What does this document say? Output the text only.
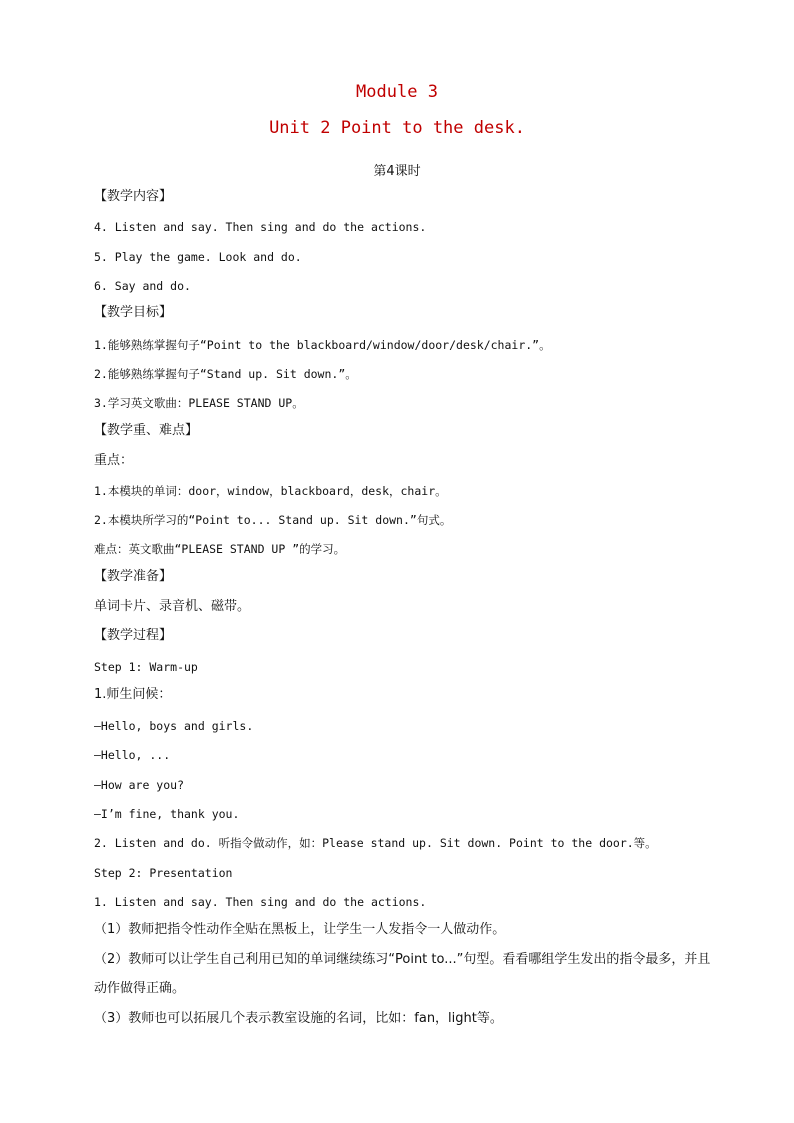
Module 3
Unit 2 Point to the desk.
第4课时
【教学内容】
4. Listen and say. Then sing and do the actions.
5. Play the game. Look and do.
6. Say and do.
【教学目标】
1.能够熟练掌握句子“Point to the blackboard/window/door/desk/chair.”。
2.能够熟练掌握句子“Stand up. Sit down.”。
3.学习英文歌曲：PLEASE STAND UP。
【教学重、难点】
重点：
1.本模块的单词：door，window，blackboard，desk，chair。
2.本模块所学习的“Point to... Stand up. Sit down.”句式。
难点：英文歌曲“PLEASE STAND UP ”的学习。
【教学准备】
单词卡片、录音机、磁带。
【教学过程】
Step 1: Warm-up
1.师生问候：
—Hello, boys and girls.
—Hello, ...
—How are you?
—I’m fine, thank you.
2. Listen and do. 听指令做动作，如：Please stand up. Sit down. Point to the door.等。
Step 2: Presentation
1. Listen and say. Then sing and do the actions.
（1）教师把指令性动作全贴在黑板上，让学生一人发指令一人做动作。
（2）教师可以让学生自己利用已知的单词继续练习“Point to...”句型。看看哪组学生发出的指令最多，并且动作做得正确。
（3）教师也可以拓展几个表示教室设施的名词，比如：fan，light等。
